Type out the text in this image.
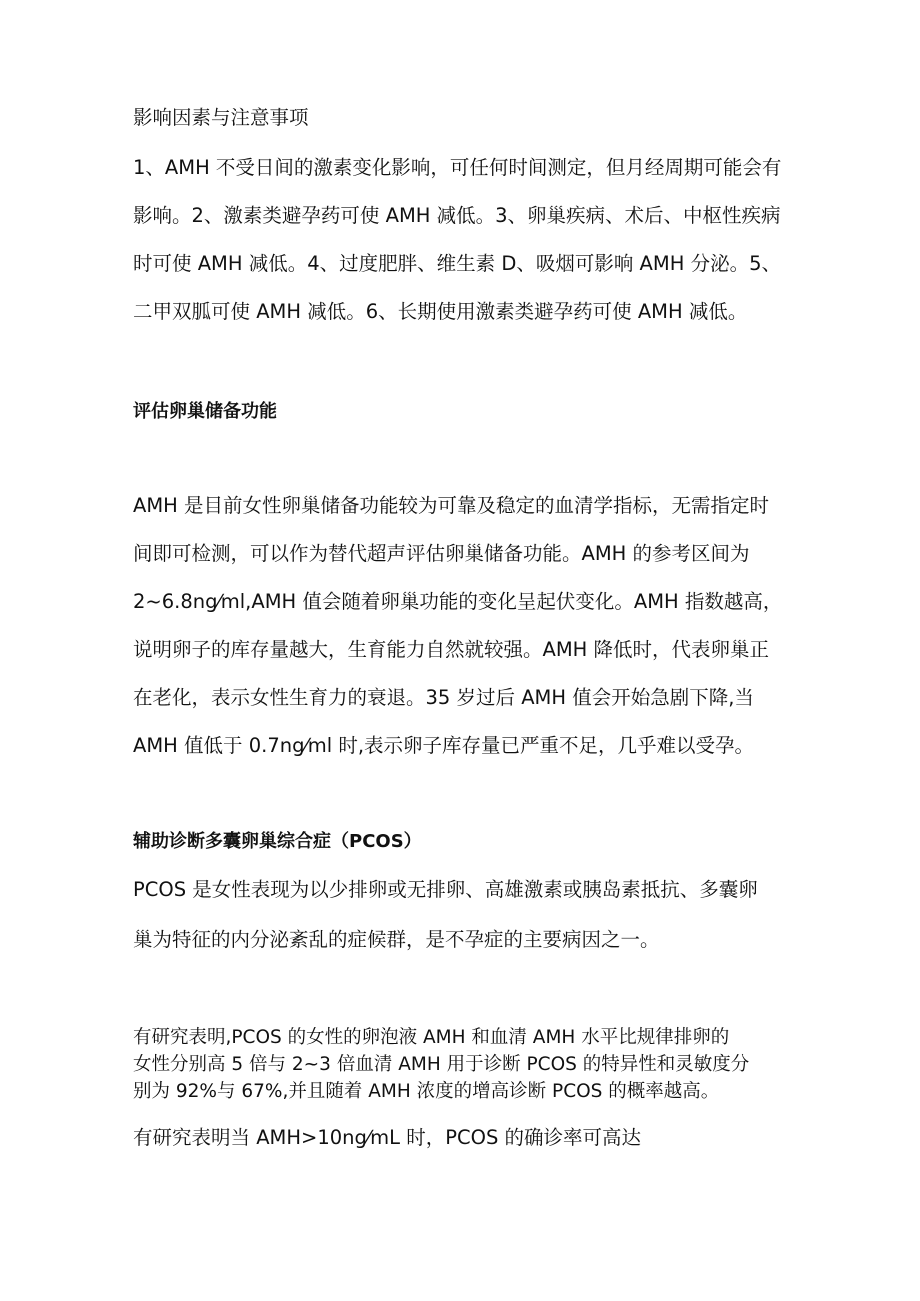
影响因素与注意事项

1、AMH 不受日间的激素变化影响，可任何时间测定，但月经周期可能会有

影响。2、激素类避孕药可使 AMH 减低。3、卵巢疾病、术后、中枢性疾病

时可使 AMH 减低。4、过度肥胖、维生素 D、吸烟可影响 AMH 分泌。5、

二甲双胍可使 AMH 减低。6、长期使用激素类避孕药可使 AMH 减低。

评估卵巢储备功能

AMH 是目前女性卵巢储备功能较为可靠及稳定的血清学指标，无需指定时

间即可检测，可以作为替代超声评估卵巢储备功能。AMH 的参考区间为

2~6.8ng⁄ml,AMH 值会随着卵巢功能的变化呈起伏变化。AMH 指数越高，

说明卵子的库存量越大，生育能力自然就较强。AMH 降低时，代表卵巢正

在老化，表示女性生育力的衰退。35 岁过后 AMH 值会开始急剧下降,当

AMH 值低于 0.7ng⁄ml 时,表示卵子库存量已严重不足，几乎难以受孕。

辅助诊断多囊卵巢综合症（PCOS）

PCOS 是女性表现为以少排卵或无排卵、高雄激素或胰岛素抵抗、多囊卵

巢为特征的内分泌紊乱的症候群，是不孕症的主要病因之一。

有研究表明,PCOS 的女性的卵泡液 AMH 和血清 AMH 水平比规律排卵的

女性分别高 5 倍与 2~3 倍血清 AMH 用于诊断 PCOS 的特异性和灵敏度分

别为 92%与 67%,并且随着 AMH 浓度的增高诊断 PCOS 的概率越高。

有研究表明当 AMH>10ng⁄mL 时，PCOS 的确诊率可高达
